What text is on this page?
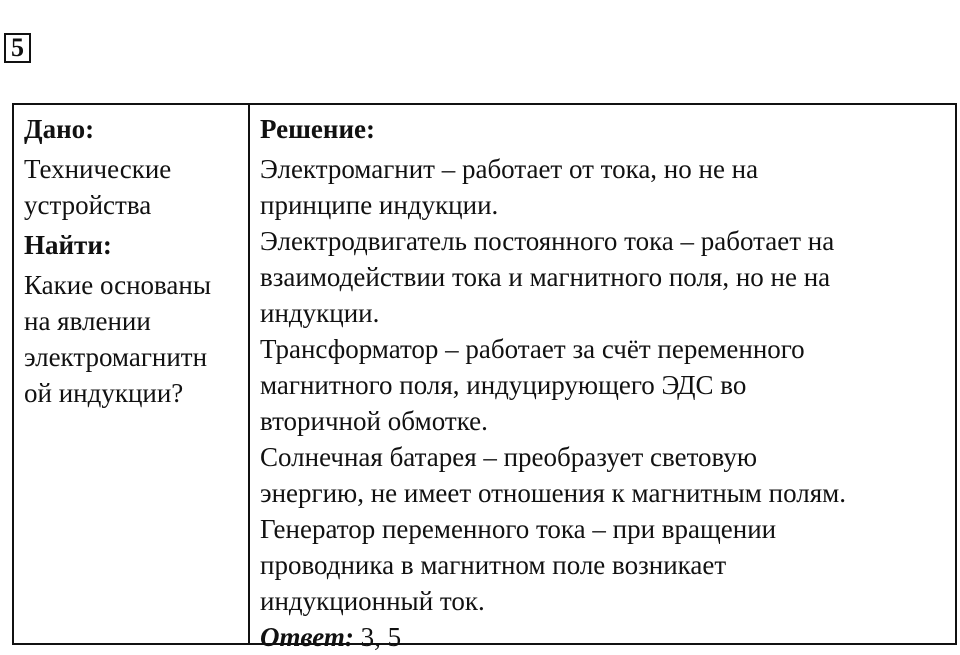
5
Дано:
Технические
устройства
Найти:
Какие основаны
на явлении
электромагнитн
ой индукции?
Решение:
Электромагнит – работает от тока, но не на
принципе индукции.
Электродвигатель постоянного тока – работает на
взаимодействии тока и магнитного поля, но не на
индукции.
Трансформатор – работает за счёт переменного
магнитного поля, индуцирующего ЭДС во
вторичной обмотке.
Солнечная батарея – преобразует световую
энергию, не имеет отношения к магнитным полям.
Генератор переменного тока – при вращении
проводника в магнитном поле возникает
индукционный ток.
Ответ: 3, 5
